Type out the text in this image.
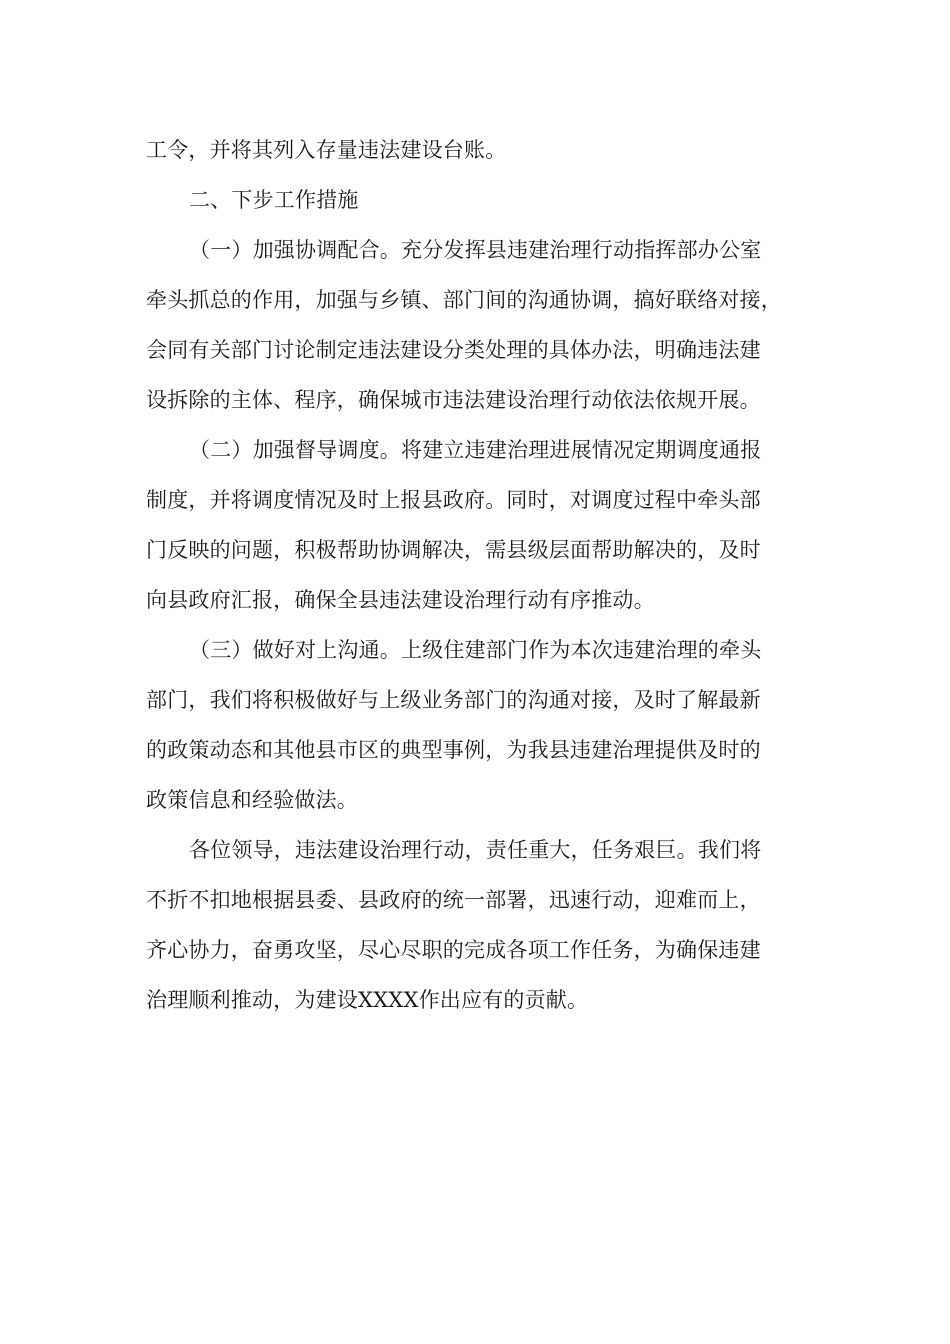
工令，并将其列入存量违法建设台账。
二、下步工作措施
（一）加强协调配合。充分发挥县违建治理行动指挥部办公室
牵头抓总的作用，加强与乡镇、部门间的沟通协调，搞好联络对接，
会同有关部门讨论制定违法建设分类处理的具体办法，明确违法建
设拆除的主体、程序，确保城市违法建设治理行动依法依规开展。
（二）加强督导调度。将建立违建治理进展情况定期调度通报
制度，并将调度情况及时上报县政府。同时，对调度过程中牵头部
门反映的问题，积极帮助协调解决，需县级层面帮助解决的，及时
向县政府汇报，确保全县违法建设治理行动有序推动。
（三）做好对上沟通。上级住建部门作为本次违建治理的牵头
部门，我们将积极做好与上级业务部门的沟通对接，及时了解最新
的政策动态和其他县市区的典型事例，为我县违建治理提供及时的
政策信息和经验做法。
各位领导，违法建设治理行动，责任重大，任务艰巨。我们将
不折不扣地根据县委、县政府的统一部署，迅速行动，迎难而上，
齐心协力，奋勇攻坚，尽心尽职的完成各项工作任务，为确保违建
治理顺利推动，为建设XXXX作出应有的贡献。
